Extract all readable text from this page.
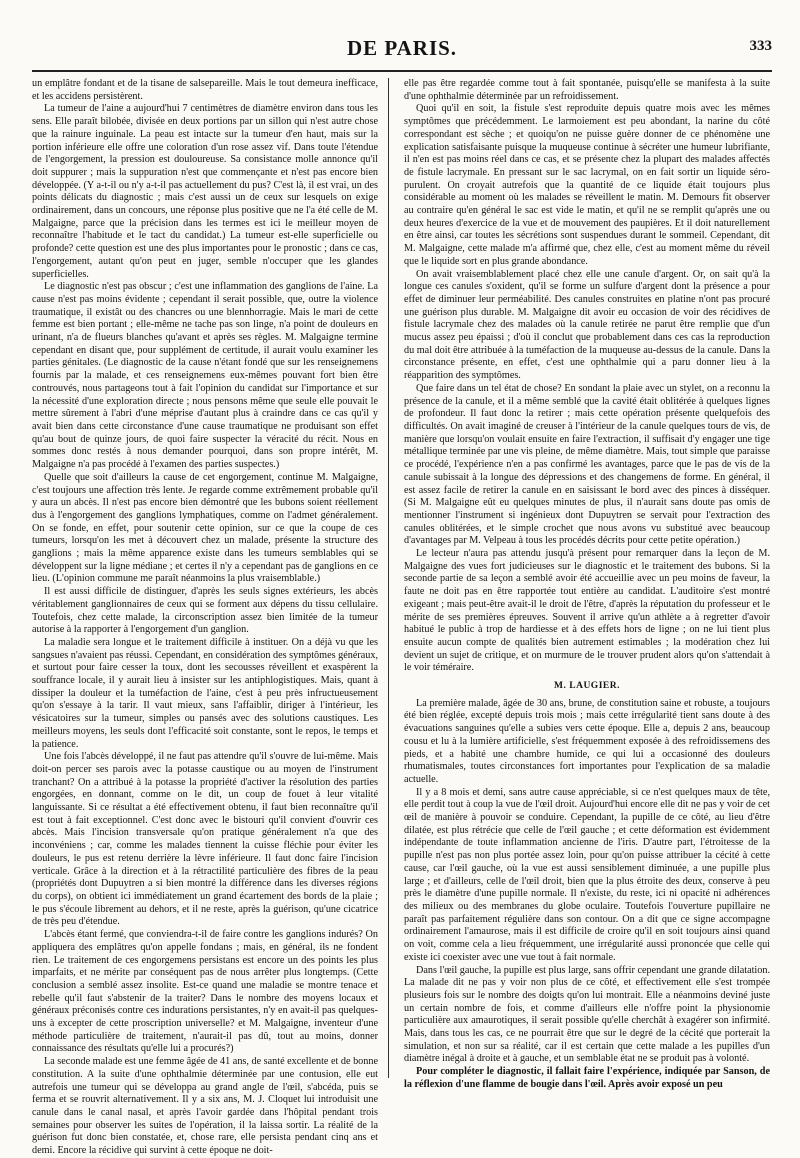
DE PARIS.	333

un emplâtre fondant et de la tisane de salsepareille. Mais le tout demeura inefficace, et les accidens persistèrent.

La tumeur de l'aine a aujourd'hui 7 centimètres de diamètre environ dans tous les sens. Elle paraît bilobée, divisée en deux portions par un sillon qui n'est autre chose que la rainure inguinale. La peau est intacte sur la tumeur d'en haut, mais sur la portion inférieure elle offre une coloration d'un rose assez vif. Dans toute l'étendue de l'engorgement, la pression est douloureuse. Sa consistance molle annonce qu'il doit suppurer ; mais la suppuration n'est que commençante et n'est pas encore bien développée. (Y a-t-il ou n'y a-t-il pas actuellement du pus? C'est là, il est vrai, un des points délicats du diagnostic ; mais c'est aussi un de ceux sur lesquels on exige ordinairement, dans un concours, une réponse plus positive que ne l'a été celle de M. Malgaigne, parce que la précision dans les termes est ici le meilleur moyen de reconnaître l'habitude et le tact du candidat.) La tumeur est-elle superficielle ou profonde? cette question est une des plus importantes pour le pronostic ; dans ce cas, l'engorgement, autant qu'on peut en juger, semble n'occuper que les glandes superficielles.

Le diagnostic n'est pas obscur ; c'est une inflammation des ganglions de l'aine. La cause n'est pas moins évidente ; cependant il serait possible, que, outre la violence traumatique, il existât ou des chancres ou une blennhorragie. Mais le mari de cette femme est bien portant ; elle-même ne tache pas son linge, n'a point de douleurs en urinant, n'a de flueurs blanches qu'avant et après ses règles. M. Malgaigne termine cependant en disant que, pour supplément de certitude, il aurait voulu examiner les parties génitales. (Le diagnostic de la cause n'étant fondé que sur les renseignemens fournis par la malade, et ces renseignemens eux-mêmes pouvant fort bien être controuvés, nous partageons tout à fait l'opinion du candidat sur l'importance et sur la nécessité d'une exploration directe ; nous pensons même que seule elle pouvait le mettre sûrement à l'abri d'une méprise d'autant plus à craindre dans ce cas qu'il y avait bien dans cette circonstance d'une cause traumatique ne produisant son effet qu'au bout de quinze jours, de quoi faire suspecter la véracité du récit. Nous en sommes donc restés à nous demander pourquoi, dans son propre intérêt, M. Malgaigne n'a pas procédé à l'examen des parties suspectes.)

Quelle que soit d'ailleurs la cause de cet engorgement, continue M. Malgaigne, c'est toujours une affection très lente. Je regarde comme extrêmement probable qu'il y aura un abcès. Il n'est pas encore bien démontré que les bubons soient réellement dus à l'engorgement des ganglions lymphatiques, comme on l'admet généralement. On se fonde, en effet, pour soutenir cette opinion, sur ce que la coupe de ces tumeurs, lorsqu'on les met à découvert chez un malade, présente la structure des ganglions ; mais la même apparence existe dans les tumeurs semblables qui se développent sur la ligne médiane ; et certes il n'y a cependant pas de ganglions en ce lieu. (L'opinion commune me paraît néanmoins la plus vraisemblable.)

Il est aussi difficile de distinguer, d'après les seuls signes extérieurs, les abcès véritablement ganglionnaires de ceux qui se forment aux dépens du tissu cellulaire. Toutefois, chez cette malade, la circonscription assez bien limitée de la tumeur autorise à la rapporter à l'engorgement d'un ganglion.

La maladie sera longue et le traitement difficile à instituer. On a déjà vu que les sangsues n'avaient pas réussi. Cependant, en considération des symptômes généraux, et surtout pour faire cesser la toux, dont les secousses réveillent et exaspèrent la souffrance locale, il y aurait lieu à insister sur les antiphlogistiques. Mais, quant à dissiper la douleur et la tuméfaction de l'aine, c'est à peu près infructueusement qu'on s'essaye à la tarir. Il vaut mieux, sans l'affaiblir, diriger à l'intérieur, les vésicatoires sur la tumeur, simples ou pansés avec des solutions caustiques. Les meilleurs moyens, les seuls dont l'efficacité soit constante, sont le repos, le temps et la patience.

Une fois l'abcès développé, il ne faut pas attendre qu'il s'ouvre de lui-même. Mais doit-on percer ses parois avec la potasse caustique ou au moyen de l'instrument tranchant? On a attribué à la potasse la propriété d'activer la résolution des parties engorgées, en donnant, comme on le dit, un coup de fouet à leur vitalité languissante. Si ce résultat a été effectivement obtenu, il faut bien reconnaître qu'il est tout à fait exceptionnel. C'est donc avec le bistouri qu'il convient d'ouvrir ces abcès. Mais l'incision transversale qu'on pratique généralement n'a que des inconvéniens ; car, comme les malades tiennent la cuisse fléchie pour éviter les douleurs, le pus est retenu derrière la lèvre inférieure. Il faut donc faire l'incision verticale. Grâce à la direction et à la rétractilité particulière des fibres de la peau (propriétés dont Dupuytren a si bien montré la différence dans les diverses régions du corps), on obtient ici immédiatement un grand écartement des bords de la plaie ; le pus s'écoule librement au dehors, et il ne reste, après la guérison, qu'une cicatrice de très peu d'étendue.

L'abcès étant fermé, que conviendra-t-il de faire contre les ganglions indurés? On appliquera des emplâtres qu'on appelle fondans ; mais, en général, ils ne fondent rien. Le traitement de ces engorgemens persistans est encore un des points les plus imparfaits, et ne mérite par conséquent pas de nous arrêter plus longtemps. (Cette conclusion a semblé assez insolite. Est-ce quand une maladie se montre tenace et rebelle qu'il faut s'abstenir de la traiter? Dans le nombre des moyens locaux et généraux préconisés contre ces indurations persistantes, n'y en avait-il pas quelques-uns à excepter de cette proscription universelle? et M. Malgaigne, inventeur d'une méthode particulière de traitement, n'aurait-il pas dû, tout au moins, donner connaissance des résultats qu'elle lui a procurés?)

La seconde malade est une femme âgée de 41 ans, de santé excellente et de bonne constitution. A la suite d'une ophthalmie déterminée par une contusion, elle eut autrefois une tumeur qui se développa au grand angle de l'œil, s'abcéda, puis se ferma et se rouvrit alternativement. Il y a six ans, M. J. Cloquet lui introduisit une canule dans le canal nasal, et après l'avoir gardée dans l'hôpital pendant trois semaines pour observer les suites de l'opération, il la laissa sortir. La réalité de la guérison fut donc bien constatée, et, chose rare, elle persista pendant cinq ans et demi. Encore la récidive qui survint à cette époque ne doit-

elle pas être regardée comme tout à fait spontanée, puisqu'elle se manifesta à la suite d'une ophthalmie déterminée par un refroidissement.

Quoi qu'il en soit, la fistule s'est reproduite depuis quatre mois avec les mêmes symptômes que précédemment. Le larmoiement est peu abondant, la narine du côté correspondant est sèche ; et quoiqu'on ne puisse guère donner de ce phénomène une explication satisfaisante puisque la muqueuse continue à sécréter une humeur lubrifiante, il n'en est pas moins réel dans ce cas, et se présente chez la plupart des malades affectés de fistule lacrymale. En pressant sur le sac lacrymal, on en fait sortir un liquide séro-purulent. On croyait autrefois que la quantité de ce liquide était toujours plus considérable au moment où les malades se réveillent le matin. M. Demours fit observer au contraire qu'en général le sac est vide le matin, et qu'il ne se remplit qu'après une ou deux heures d'exercice de la vue et de mouvement des paupières. Et il doit naturellement en être ainsi, car toutes les sécrétions sont suspendues durant le sommeil. Cependant, dit M. Malgaigne, cette malade m'a affirmé que, chez elle, c'est au moment même du réveil que le liquide sort en plus grande abondance.

On avait vraisemblablement placé chez elle une canule d'argent. Or, on sait qu'à la longue ces canules s'oxident, qu'il se forme un sulfure d'argent dont la présence a pour effet de diminuer leur perméabilité. Des canules construites en platine n'ont pas procuré une guérison plus durable. M. Malgaigne dit avoir eu occasion de voir des récidives de fistule lacrymale chez des malades où la canule retirée ne parut être remplie que d'un mucus assez peu épaissi ; d'où il conclut que probablement dans ces cas la reproduction du mal doit être attribuée à la tuméfaction de la muqueuse au-dessus de la canule. Dans la circonstance présente, en effet, c'est une ophthalmie qui a paru donner lieu à la réapparition des symptômes.

Que faire dans un tel état de chose? En sondant la plaie avec un stylet, on a reconnu la présence de la canule, et il a même semblé que la cavité était oblitérée à quelques lignes de profondeur. Il faut donc la retirer ; mais cette opération présente quelquefois des difficultés. On avait imaginé de creuser à l'intérieur de la canule quelques tours de vis, de manière que lorsqu'on voulait ensuite en faire l'extraction, il suffisait d'y engager une tige métallique terminée par une vis pleine, de même diamètre. Mais, tout simple que paraisse ce procédé, l'expérience n'en a pas confirmé les avantages, parce que le pas de vis de la canule subissait à la longue des dépressions et des changemens de forme. En général, il est assez facile de retirer la canule en en saisissant le bord avec des pinces à disséquer. (Si M. Malgaigne eût eu quelques minutes de plus, il n'aurait sans doute pas omis de mentionner l'instrument si ingénieux dont Dupuytren se servait pour l'extraction des canules oblitérées, et le simple crochet que nous avons vu substitué avec beaucoup d'avantages par M. Velpeau à tous les procédés décrits pour cette petite opération.)

Le lecteur n'aura pas attendu jusqu'à présent pour remarquer dans la leçon de M. Malgaigne des vues fort judicieuses sur le diagnostic et le traitement des bubons. Si la seconde partie de sa leçon a semblé avoir été accueillie avec un peu moins de faveur, la faute ne doit pas en être rapportée tout entière au candidat. L'auditoire s'est montré exigeant ; mais peut-être avait-il le droit de l'être, d'après la réputation du professeur et le mérite de ses premières épreuves. Souvent il arrive qu'un athlète a à regretter d'avoir habitué le public à trop de hardiesse et à des effets hors de ligne ; on ne lui tient plus ensuite aucun compte de qualités bien autrement estimables ; la modération chez lui devient un sujet de critique, et on murmure de le trouver prudent alors qu'on s'attendait à le voir téméraire.

M. LAUGIER.

La première malade, âgée de 30 ans, brune, de constitution saine et robuste, a toujours été bien réglée, excepté depuis trois mois ; mais cette irrégularité tient sans doute à des évacuations sanguines qu'elle a subies vers cette époque. Elle a, depuis 2 ans, beaucoup cousu et lu à la lumière artificielle, s'est fréquemment exposée à des refroidissemens des pieds, et a habité une chambre humide, ce qui lui a occasionné des douleurs rhumatismales, toutes circonstances fort importantes pour l'explication de sa maladie actuelle.

Il y a 8 mois et demi, sans autre cause appréciable, si ce n'est quelques maux de tête, elle perdit tout à coup la vue de l'œil droit. Aujourd'hui encore elle dit ne pas y voir de cet œil de manière à pouvoir se conduire. Cependant, la pupille de ce côté, au lieu d'être dilatée, est plus rétrécie que celle de l'œil gauche ; et cette déformation est évidemment indépendante de toute inflammation ancienne de l'iris. D'autre part, l'étroitesse de la pupille n'est pas non plus portée assez loin, pour qu'on puisse attribuer la cécité à cette cause, car l'œil gauche, où la vue est aussi sensiblement diminuée, a une pupille plus large ; et d'ailleurs, celle de l'œil droit, bien que la plus étroite des deux, conserve à peu près le diamètre d'une pupille normale. Il n'existe, du reste, ici ni opacité ni adhérences des milieux ou des membranes du globe oculaire. Toutefois l'ouverture pupillaire ne paraît pas parfaitement régulière dans son contour. On a dit que ce signe accompagne ordinairement l'amaurose, mais il est difficile de croire qu'il en soit toujours ainsi quand on voit, comme cela a lieu fréquemment, une irrégularité aussi prononcée que celle qui existe ici coexister avec une vue tout à fait normale.

Dans l'œil gauche, la pupille est plus large, sans offrir cependant une grande dilatation. La malade dit ne pas y voir non plus de ce côté, et effectivement elle s'est trompée plusieurs fois sur le nombre des doigts qu'on lui montrait. Elle a néanmoins deviné juste un certain nombre de fois, et comme d'ailleurs elle n'offre point la physionomie particulière aux amaurotiques, il serait possible qu'elle cherchât à exagérer son infirmité. Mais, dans tous les cas, ce ne pourrait être que sur le degré de la cécité que porterait la simulation, et non sur sa réalité, car il est certain que cette malade a les pupilles d'un diamètre inégal à droite et à gauche, et un semblable état ne se produit pas à volonté.

Pour compléter le diagnostic, il fallait faire l'expérience, indiquée par Sanson, de la réflexion d'une flamme de bougie dans l'œil. Après avoir exposé un peu
